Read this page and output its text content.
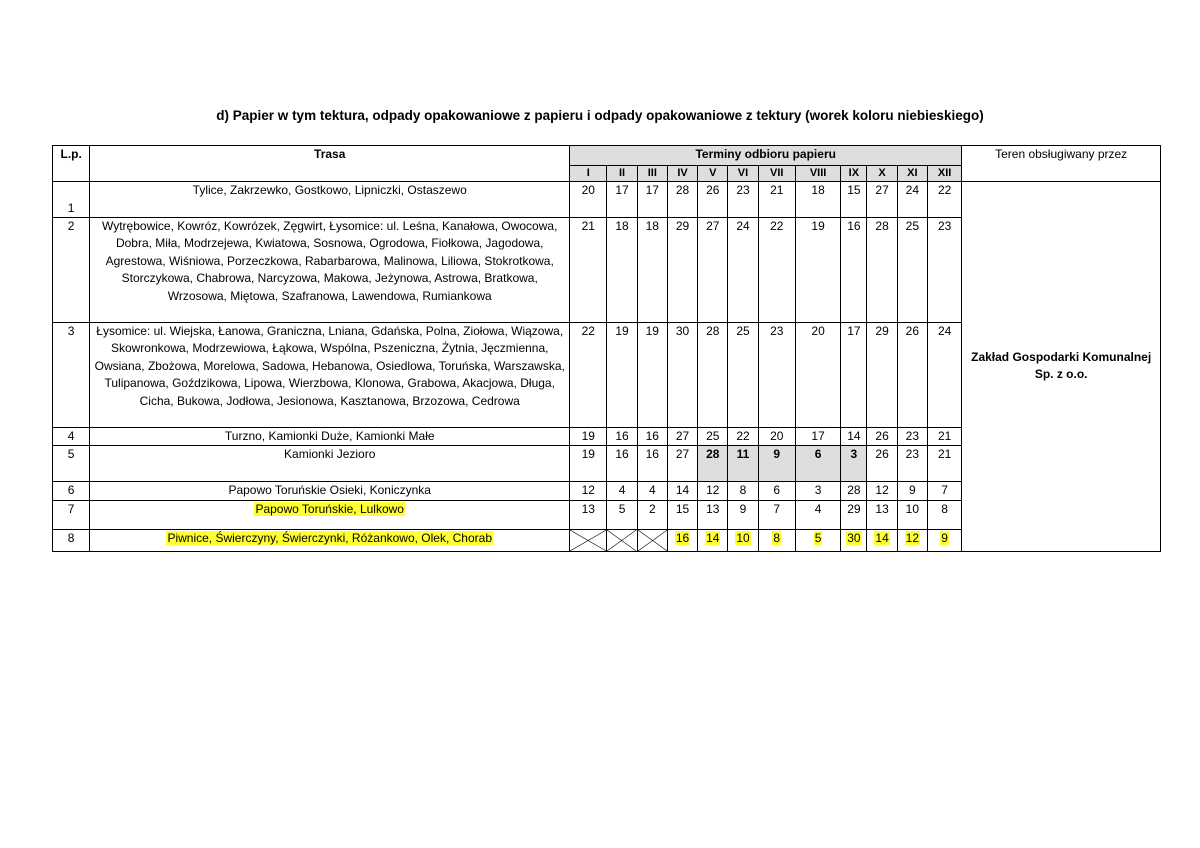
d) Papier w tym tektura, odpady opakowaniowe z papieru i odpady opakowaniowe z tektury (worek koloru niebieskiego)
L.p.	Trasa	Terminy odbioru papieru												Teren obsługiwany przez
		I	II	III	IV	V	VI	VII	VIII	IX	X	XI	XII	
1	Tylice, Zakrzewko, Gostkowo, Lipniczki, Ostaszewo	20	17	17	28	26	23	21	18	15	27	24	22	Zakład Gospodarki Komunalnej Sp. z o.o.
2	Wytrębowice, Kowróz, Kowrózek, Zęgwirt, Łysomice: ul. Leśna, Kanałowa, Owocowa, Dobra, Miła, Modrzejewa, Kwiatowa, Sosnowa, Ogrodowa, Fiołkowa, Jagodowa, Agrestowa, Wiśniowa, Porzeczkowa, Rabarbarowa, Malinowa, Liliowa, Stokrotkowa, Storczykowa, Chabrowa, Narcyzowa, Makowa, Jeżynowa, Astrowa, Bratkowa, Wrzosowa, Miętowa, Szafranowa, Lawendowa, Rumiankowa	21	18	18	29	27	24	22	19	16	28	25	23	
3	Łysomice: ul. Wiejska, Łanowa, Graniczna, Lniana, Gdańska, Polna, Ziołowa, Wiązowa, Skowronkowa, Modrzewiowa, Łąkowa, Wspólna, Pszeniczna, Żytnia, Jęczmienna, Owsiana, Zbożowa, Morelowa, Sadowa, Hebanowa, Osiedlowa, Toruńska, Warszawska, Tulipanowa, Goździkowa, Lipowa, Wierzbowa, Klonowa, Grabowa, Akacjowa, Długa, Cicha, Bukowa, Jodłowa, Jesionowa, Kasztanowa, Brzozowa, Cedrowa	22	19	19	30	28	25	23	20	17	29	26	24	
4	Turzno, Kamionki Duże, Kamionki Małe	19	16	16	27	25	22	20	17	14	26	23	21	
5	Kamionki Jezioro	19	16	16	27	28	11	9	6	3	26	23	21	
6	Papowo Toruńskie Osieki, Koniczynka	12	4	4	14	12	8	6	3	28	12	9	7	
7	Papowo Toruńskie, Lulkowo	13	5	2	15	13	9	7	4	29	13	10	8	
8	Piwnice, Świerczyny, Świerczynki, Różankowo, Olek, Chorab				16	14	10	8	5	30	14	12	9	
